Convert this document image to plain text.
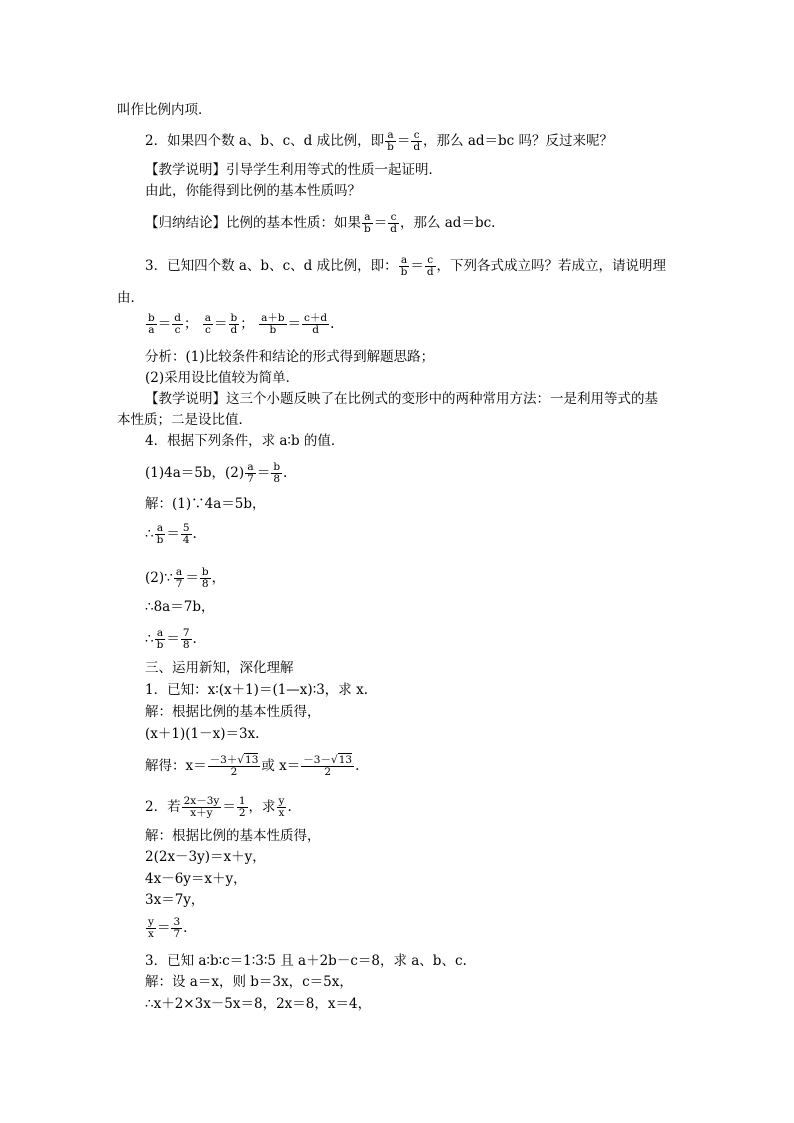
叫作比例内项．
2．如果四个数 a、b、c、d 成比例，即 $\frac{a}{b} = \frac{c}{d}$ ，那么 ad＝bc 吗？反过来呢？
【教学说明】引导学生利用等式的性质一起证明．
由此，你能得到比例的基本性质吗？
【归纳结论】比例的基本性质：如果 $\frac{a}{b} = \frac{c}{d}$ ，那么 ad＝bc.
3．已知四个数 a、b、c、d 成比例，即： $\frac{a}{b} = \frac{c}{d}$ ，下列各式成立吗？若成立，请说明理
由．
$\frac{b}{a} = \frac{d}{c}$ ； $\frac{a}{c} = \frac{b}{d}$ ； $\frac{a+b}{b} = \frac{c+d}{d}$ .
分析：(1)比较条件和结论的形式得到解题思路；
(2)采用设比值较为简单．
【教学说明】这三个小题反映了在比例式的变形中的两种常用方法：一是利用等式的基
本性质；二是设比值．
4．根据下列条件，求 a∶b 的值．
(1)4a＝5b，$(2) \frac{a}{7} = \frac{b}{8}$ .
解：(1)∵4a＝5b，
∴ $\frac{a}{b} = \frac{5}{4}$ .
(2)∵ $\frac{a}{7} = \frac{b}{8}$ ，
∴8a＝7b，
∴ $\frac{a}{b} = \frac{7}{8}$ .
三、运用新知，深化理解
1．已知：x∶(x＋1)＝(1—x)∶3，求 x.
解：根据比例的基本性质得，
(x＋1)(1－x)＝3x.
解得：$x= \frac{-3+√13}{2}$ 或 $x= \frac{-3-√13}{2}$ .
2．若 $\frac{2x-3y}{x+y} = \frac{1}{2}$ ，求 $\frac{y}{x}$ .
解：根据比例的基本性质得，
2(2x－3y)＝x＋y，
4x－6y＝x＋y，
3x＝7y，
$\frac{y}{x} = \frac{3}{7}$ .
3．已知 a∶b∶c＝1∶3∶5 且 a＋2b－c＝8，求 a、b、c.
解：设 a＝x，则 b＝3x，c＝5x，
∴x＋2×3x－5x＝8，2x＝8，x＝4，
